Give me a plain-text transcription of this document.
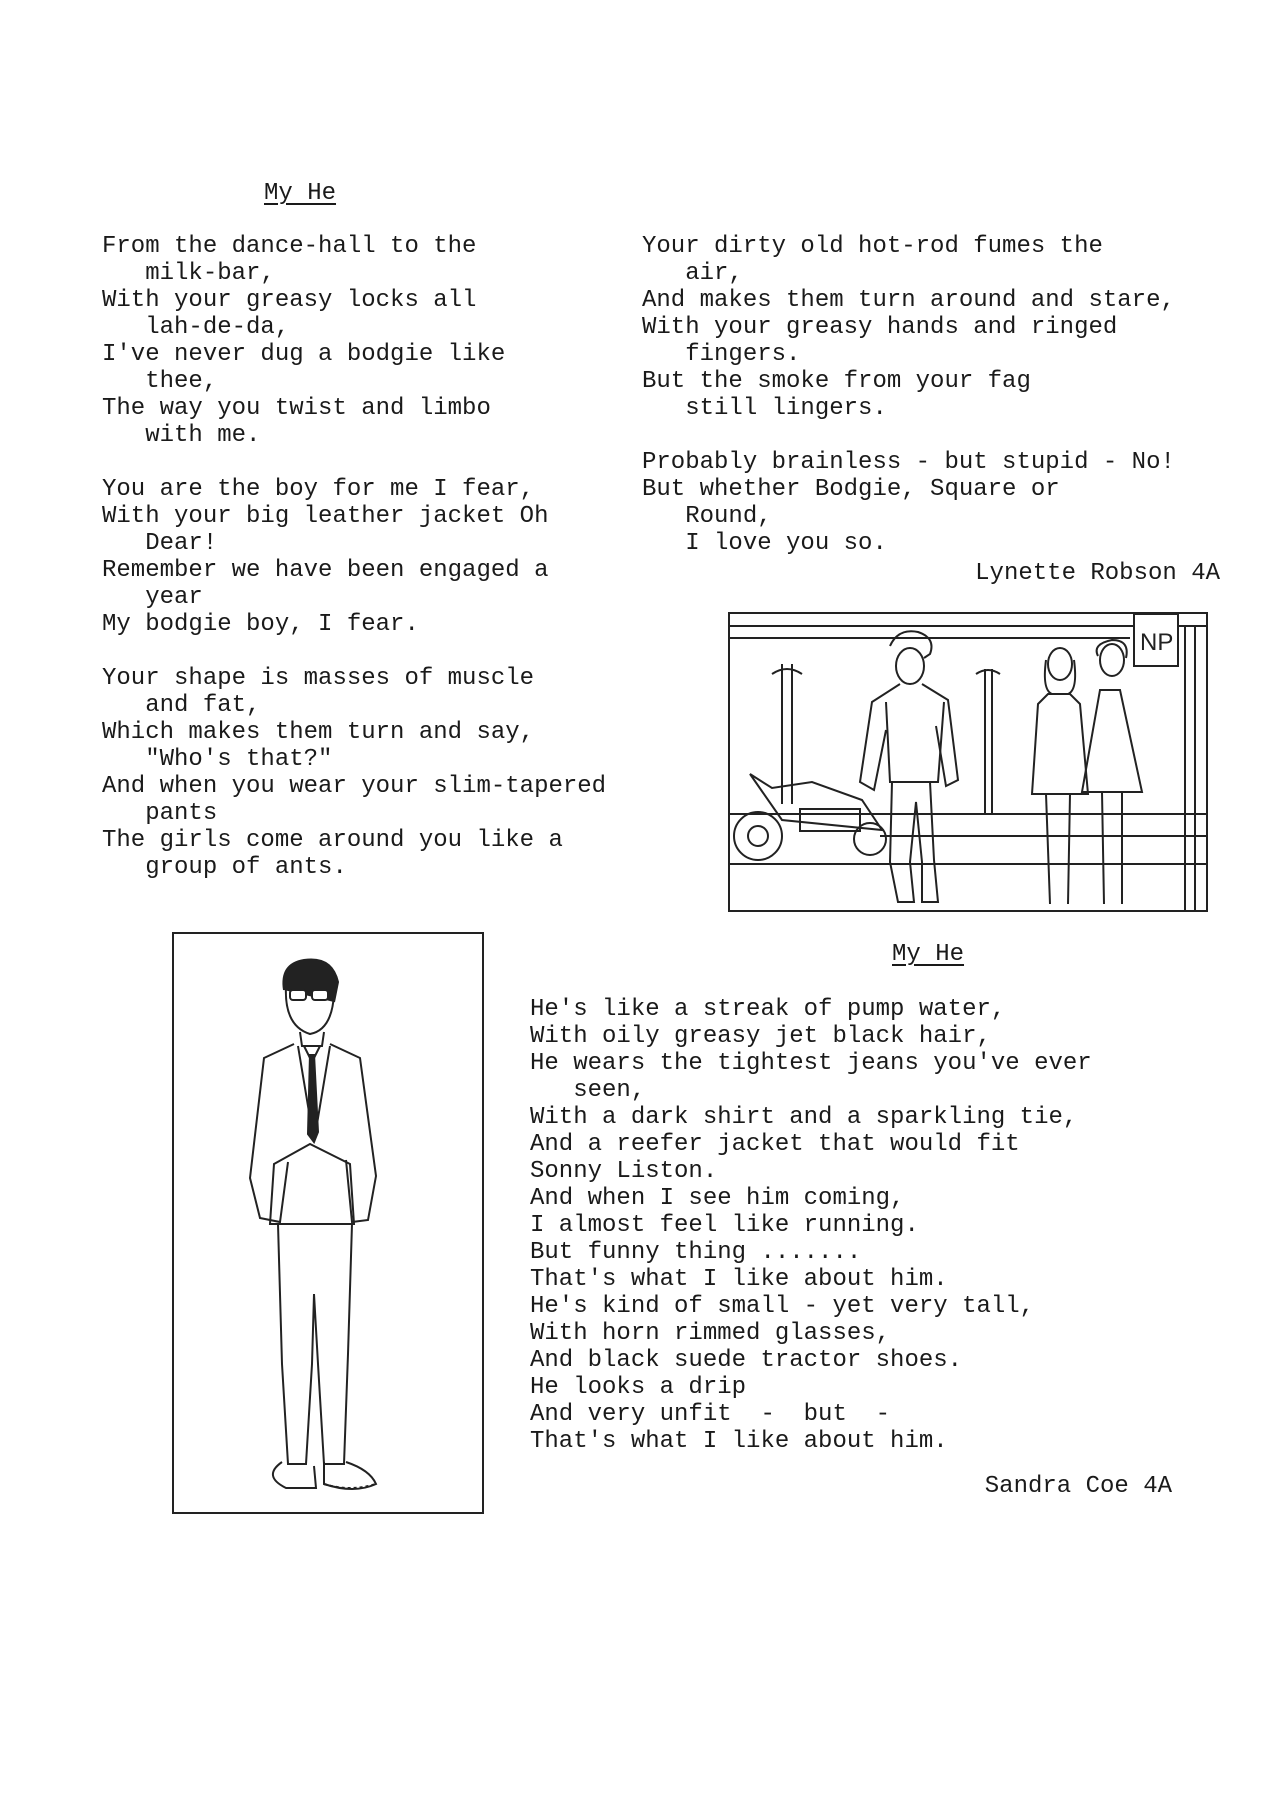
My He
From the dance-hall to the
milk-bar,
With your greasy locks all
lah-de-da,
I've never dug a bodgie like
thee,
The way you twist and limbo
with me.
You are the boy for me I fear,
With your big leather jacket Oh
Dear!
Remember we have been engaged a
year
My bodgie boy, I fear.
Your shape is masses of muscle
and fat,
Which makes them turn and say,
"Who's that?"
And when you wear your slim-tapered
pants
The girls come around you like a
group of ants.
Your dirty old hot-rod fumes the
air,
And makes them turn around and stare,
With your greasy hands and ringed
fingers.
But the smoke from your fag
still lingers.
Probably brainless - but stupid - No!
But whether Bodgie, Square or
Round,
I love you so.
Lynette Robson 4A
NP
My He
He's like a streak of pump water,
With oily greasy jet black hair,
He wears the tightest jeans you've ever
seen,
With a dark shirt and a sparkling tie,
And a reefer jacket that would fit
Sonny Liston.
And when I see him coming,
I almost feel like running.
But funny thing .......
That's what I like about him.
He's kind of small - yet very tall,
With horn rimmed glasses,
And black suede tractor shoes.
He looks a drip
And very unfit  -  but  -
That's what I like about him.
Sandra Coe 4A
